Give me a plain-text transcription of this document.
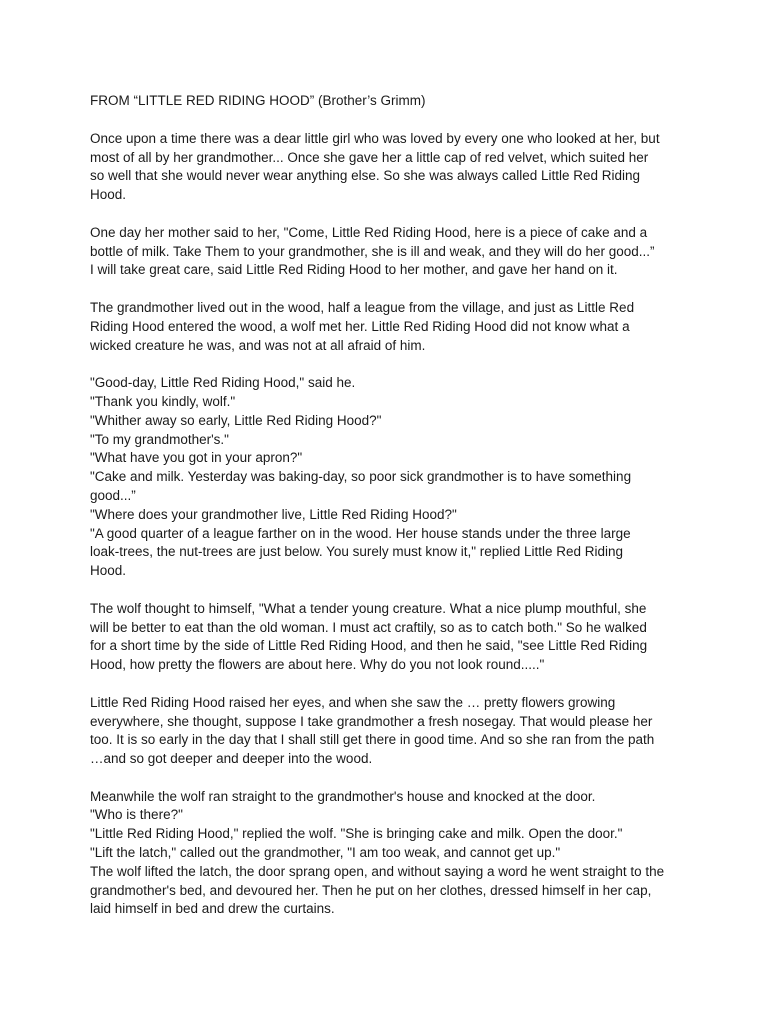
FROM “LITTLE RED RIDING HOOD” (Brother’s Grimm)
Once upon a time there was a dear little girl who was loved by every one who looked at her, but
most of all by her grandmother... Once she gave her a little cap of red velvet, which suited her
so well that she would never wear anything else. So she was always called Little Red Riding
Hood.
One day her mother said to her, "Come, Little Red Riding Hood, here is a piece of cake and a
bottle of milk. Take Them to your grandmother, she is ill and weak, and they will do her good...”
I will take great care, said Little Red Riding Hood to her mother, and gave her hand on it.
The grandmother lived out in the wood, half a league from the village, and just as Little Red
Riding Hood entered the wood, a wolf met her. Little Red Riding Hood did not know what a
wicked creature he was, and was not at all afraid of him.
"Good-day, Little Red Riding Hood," said he.
"Thank you kindly, wolf."
"Whither away so early, Little Red Riding Hood?"
"To my grandmother's."
"What have you got in your apron?"
"Cake and milk. Yesterday was baking-day, so poor sick grandmother is to have something
good...”
"Where does your grandmother live, Little Red Riding Hood?"
"A good quarter of a league farther on in the wood. Her house stands under the three large
loak-trees, the nut-trees are just below. You surely must know it," replied Little Red Riding
Hood.
The wolf thought to himself, "What a tender young creature. What a nice plump mouthful, she
will be better to eat than the old woman. I must act craftily, so as to catch both." So he walked
for a short time by the side of Little Red Riding Hood, and then he said, "see Little Red Riding
Hood, how pretty the flowers are about here. Why do you not look round....."
Little Red Riding Hood raised her eyes, and when she saw the … pretty flowers growing
everywhere, she thought, suppose I take grandmother a fresh nosegay. That would please her
too. It is so early in the day that I shall still get there in good time. And so she ran from the path
…and so got deeper and deeper into the wood.
Meanwhile the wolf ran straight to the grandmother's house and knocked at the door.
"Who is there?"
"Little Red Riding Hood," replied the wolf. "She is bringing cake and milk. Open the door."
"Lift the latch," called out the grandmother, "I am too weak, and cannot get up."
The wolf lifted the latch, the door sprang open, and without saying a word he went straight to the
grandmother's bed, and devoured her. Then he put on her clothes, dressed himself in her cap,
laid himself in bed and drew the curtains.
